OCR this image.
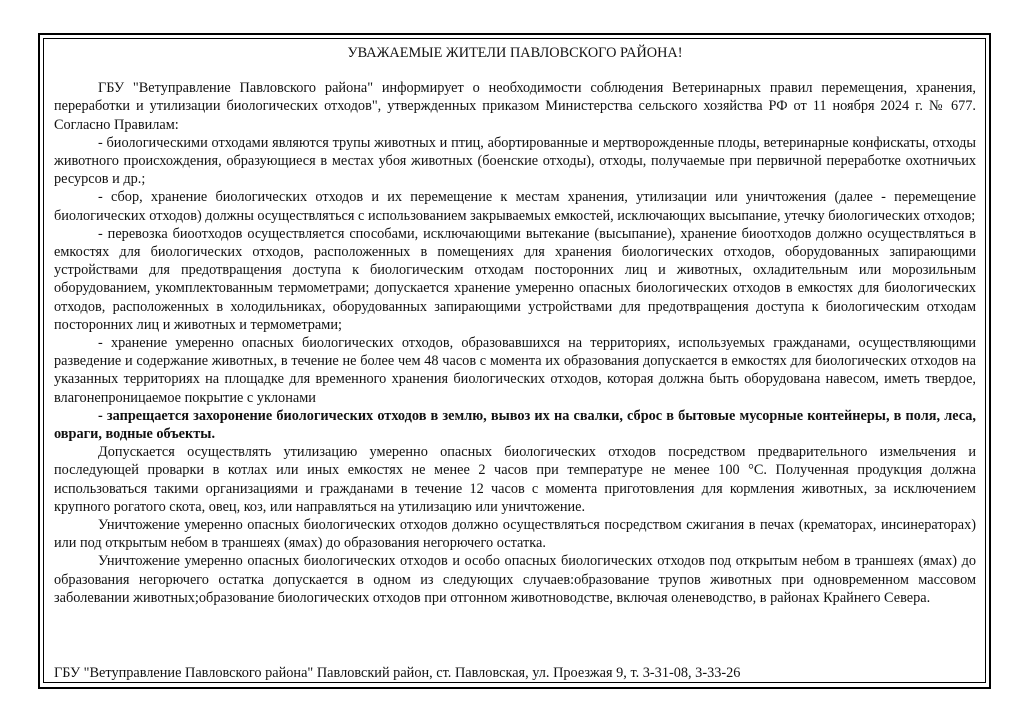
УВАЖАЕМЫЕ ЖИТЕЛИ ПАВЛОВСКОГО РАЙОНА!

ГБУ "Ветуправление Павловского района" информирует о необходимости соблюдения Ветеринарных правил перемещения, хранения, переработки и утилизации биологических отходов", утвержденных приказом Министерства сельского хозяйства РФ от 11 ноября 2024 г. № 677. Согласно Правилам:

- биологическими отходами являются трупы животных и птиц, абортированные и мертворожденные плоды, ветеринарные конфискаты, отходы животного происхождения, образующиеся в местах убоя животных (боенские отходы), отходы, получаемые при первичной переработке охотничьих ресурсов и др.;

- сбор, хранение биологических отходов и их перемещение к местам хранения, утилизации или уничтожения (далее - перемещение биологических отходов) должны осуществляться с использованием закрываемых емкостей, исключающих высыпание, утечку биологических отходов;

- перевозка биоотходов осуществляется способами, исключающими вытекание (высыпание), хранение биоотходов должно осуществляться в емкостях для биологических отходов, расположенных в помещениях для хранения биологических отходов, оборудованных запирающими устройствами для предотвращения доступа к биологическим отходам посторонних лиц и животных, охладительным или морозильным оборудованием, укомплектованным термометрами; допускается хранение умеренно опасных биологических отходов в емкостях для биологических отходов, расположенных в холодильниках, оборудованных запирающими устройствами для предотвращения доступа к биологическим отходам посторонних лиц и животных и термометрами;

- хранение умеренно опасных биологических отходов, образовавшихся на территориях, используемых гражданами, осуществляющими разведение и содержание животных, в течение не более чем 48 часов с момента их образования допускается в емкостях для биологических отходов на указанных территориях на площадке для временного хранения биологических отходов, которая должна быть оборудована навесом, иметь твердое, влагонепроницаемое покрытие с уклонами

- запрещается захоронение биологических отходов в землю, вывоз их на свалки, сброс в бытовые мусорные контейнеры, в поля, леса, овраги, водные объекты.

Допускается осуществлять утилизацию умеренно опасных биологических отходов посредством предварительного измельчения и последующей проварки в котлах или иных емкостях не менее 2 часов при температуре не менее 100 °С. Полученная продукция должна использоваться такими организациями и гражданами в течение 12 часов с момента приготовления для кормления животных, за исключением крупного рогатого скота, овец, коз, или направляться на утилизацию или уничтожение.

Уничтожение умеренно опасных биологических отходов должно осуществляться посредством сжигания в печах (крематорах, инсинераторах) или под открытым небом в траншеях (ямах) до образования негорючего остатка.

Уничтожение умеренно опасных биологических отходов и особо опасных биологических отходов под открытым небом в траншеях (ямах) до образования негорючего остатка допускается в одном из следующих случаев:образование трупов животных при одновременном массовом заболевании животных;образование биологических отходов при отгонном животноводстве, включая оленеводство, в районах Крайнего Севера.

ГБУ "Ветуправление Павловского района" Павловский район, ст. Павловская, ул. Проезжая 9, т. 3-31-08, 3-33-26
